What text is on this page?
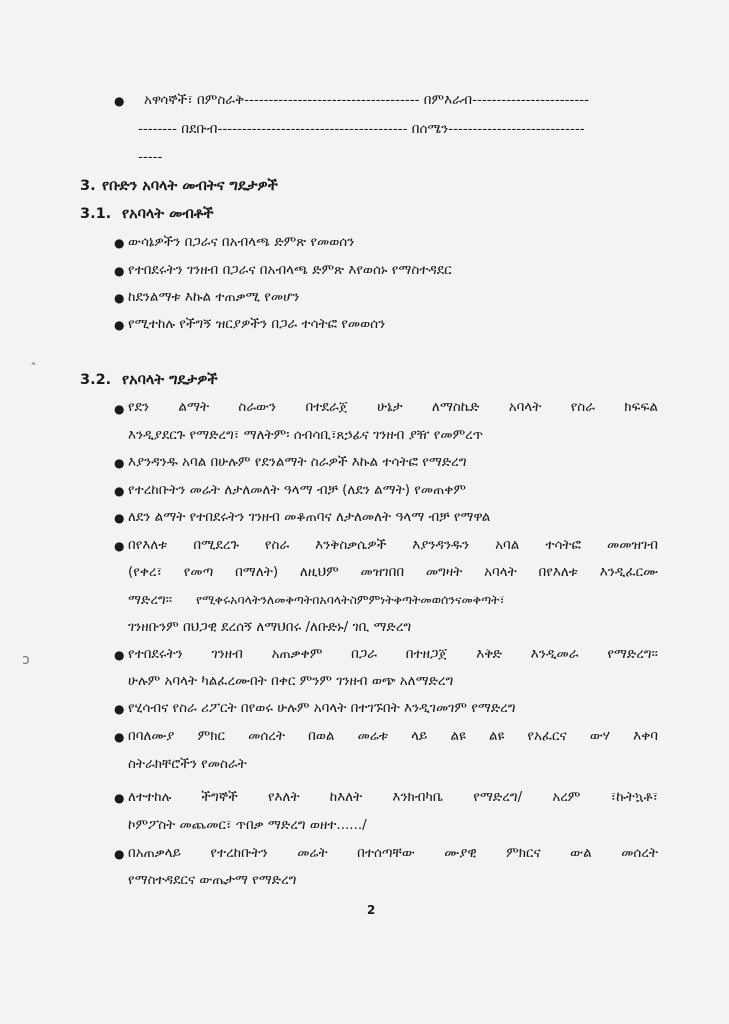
● አዋሳኞች፣ በምስራቅ------------------------------------ በምእራብ------------------------
-------- በደቡብ--------------------------------------- በሰሜን----------------------------
-----
3. የቡድን አባላት መብትና ግዴታዎች
3.1. የአባላት መብቶች
● ውሳኔዎችን በጋራና በአብላጫ ድምጽ የመወሰን
● የተበደሩትን ገንዘብ በጋራና በአብላጫ ድምጽ እየወሰኑ የማስተዳደር
● ከደንልማቱ እኩል ተጠቃሚ የመሆን
● የሚተከሉ የችግኝ ዝርያዎችን በጋራ ተሳትፎ የመወሰን
ˆ
ↄ
3.2. የአባላት ግዴታዎች
● የደን ልማት ስራውን በተደራጀ ሁኔታ ለማስኬድ አባላት የስራ ክፍፍል
እንዲያደርጉ የማድረግ፣ ማለትም፡ ሰብሳቢ፣ጸኃፊና ገንዘብ ያዥ የመምረጥ
● እያንዳንዱ አባል በሁሉም የደንልማት ስራዎች እኩል ተሳትፎ የማድረግ
● የተረከቡትን መሬት ለታለመለት ዓላማ ብቻ (ለደን ልማት) የመጠቀም
● ለደን ልማት የተበደሩትን ገንዘብ መቆጠባና ለታለመለት ዓላማ ብቻ የማዋል
● በየእለቱ በሚደረጉ የስራ እንቅስቃሴዎች እያንዳንዱን አባል ተሳትፎ መመዝገብ
(የቀረ፣ የመጣ በማለት) ለዚህም መዝገበበ መግዛት አባላት በየእለቱ እንዲፈርሙ
ማድረግ፡፡ የሚቀሩአባላትንለመቅጣትበአባላትስምምነትቅጣትመወሰንናመቅጣት፣
ገንዘቡንም በህጋዊ ደረሰኝ ለማህበሩ /ለቡድኑ/ ገቢ ማድረግ
● የተበደሩትን ገንዘብ አጠቃቀም በጋራ በተዘጋጀ እቅድ እንዲመራ የማድረግ፡፡
ሁሉም አባላት ካልፈረሙበት በቀር ምንም ገንዘብ ወጭ አለማድረግ
● የሂሳብና የስራ ሪፖርት በየወሩ ሁሉም አባላት በተገኙበት እንዲገመገም የማድረግ
● በባለሙያ ምክር መሰረት በወል መሬቱ ላይ ልዩ ልዩ የአፈርና ውሃ እቀባ
ስትራክቸሮችን የመስራት
● ለተተከሉ ችግኞች የእለት ከእለት እንክብካቤ የማድረግ/ አረም ፣ኩትኳቶ፣
ኮምፖስት መጨመር፣ ጥበቃ ማድረግ ወዘተ....../
● በአጠቃላይ የተረከቡትን መሬት በተሰጣቸው ሙያዊ ምክርና ውል መሰረት
የማስተዳደርና ውጤታማ የማድረግ
2
